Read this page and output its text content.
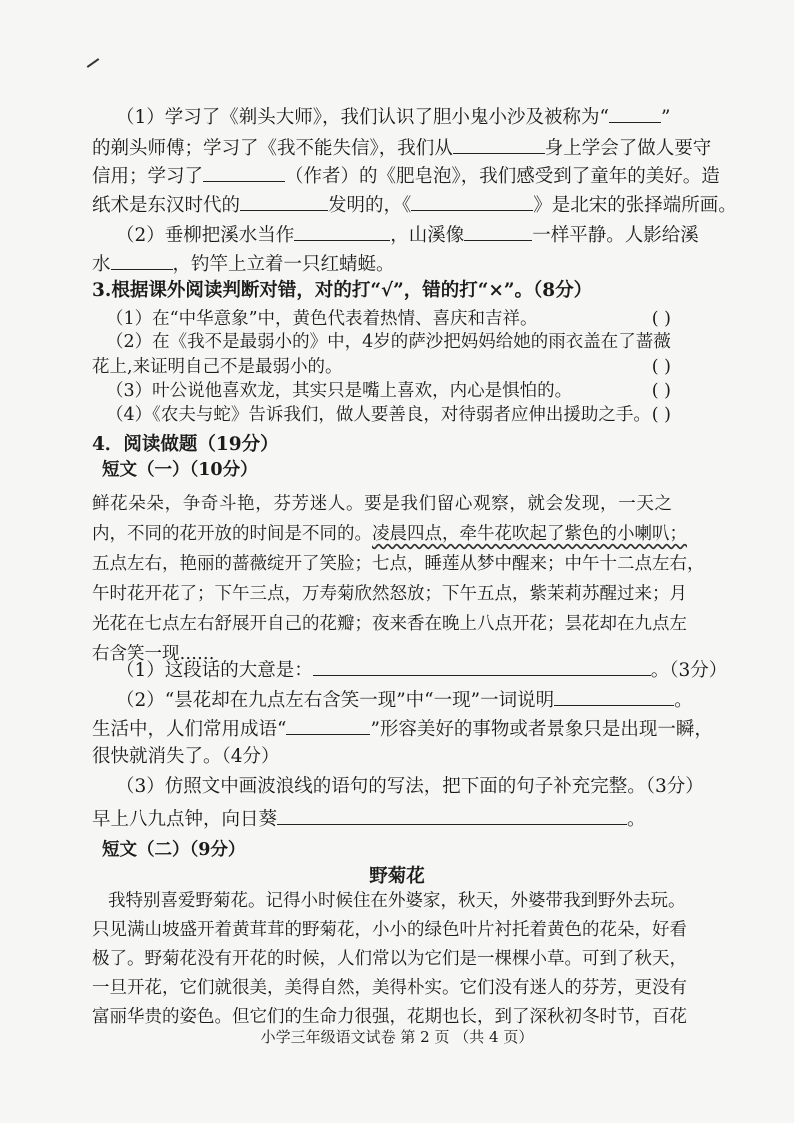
（1）学习了《剃头大师》，我们认识了胆小鬼小沙及被称为“	”
的剃头师傅；学习了《我不能失信》，我们从	身上学会了做人要守
信用；学习了	（作者）的《肥皂泡》，我们感受到了童年的美好。造
纸术是东汉时代的	发明的，《	》是北宋的张择端所画。
（2）垂柳把溪水当作	，山溪像	一样平静。人影给溪
水	，钓竿上立着一只红蜻蜓。
3.根据课外阅读判断对错，对的打“√”，错的打“×”。（8分）
（1）在“中华意象”中，黄色代表着热情、喜庆和吉祥。	( )
（2）在《我不是最弱小的》中，4岁的萨沙把妈妈给她的雨衣盖在了蔷薇
花上,来证明自己不是最弱小的。	( )
（3）叶公说他喜欢龙，其实只是嘴上喜欢，内心是惧怕的。	( )
（4）《农夫与蛇》告诉我们，做人要善良，对待弱者应伸出援助之手。 ( )
4．阅读做题（19分）
短文（一）（10分）
鲜花朵朵，争奇斗艳，芬芳迷人。要是我们留心观察，就会发现，一天之
内，不同的花开放的时间是不同的。凌晨四点，牵牛花吹起了紫色的小喇叭；
五点左右，艳丽的蔷薇绽开了笑脸；七点，睡莲从梦中醒来；中午十二点左右，
午时花开花了；下午三点，万寿菊欣然怒放；下午五点，紫茉莉苏醒过来；月
光花在七点左右舒展开自己的花瓣；夜来香在晚上八点开花；昙花却在九点左
右含笑一现……
（1）这段话的大意是：	。（3分）
（2）“昙花却在九点左右含笑一现”中“一现”一词说明	。
生活中，人们常用成语“	”形容美好的事物或者景象只是出现一瞬，
很快就消失了。（4分）
（3）仿照文中画波浪线的语句的写法，把下面的句子补充完整。（3分）
早上八九点钟，向日葵	。
短文（二）（9分）
野菊花
我特别喜爱野菊花。记得小时候住在外婆家，秋天，外婆带我到野外去玩。
只见满山坡盛开着黄茸茸的野菊花，小小的绿色叶片衬托着黄色的花朵，好看
极了。野菊花没有开花的时候，人们常以为它们是一棵棵小草。可到了秋天，
一旦开花，它们就很美，美得自然，美得朴实。它们没有迷人的芬芳，更没有
富丽华贵的姿色。但它们的生命力很强，花期也长，到了深秋初冬时节，百花
小学三年级语文试卷 第 2 页 （共 4 页）
